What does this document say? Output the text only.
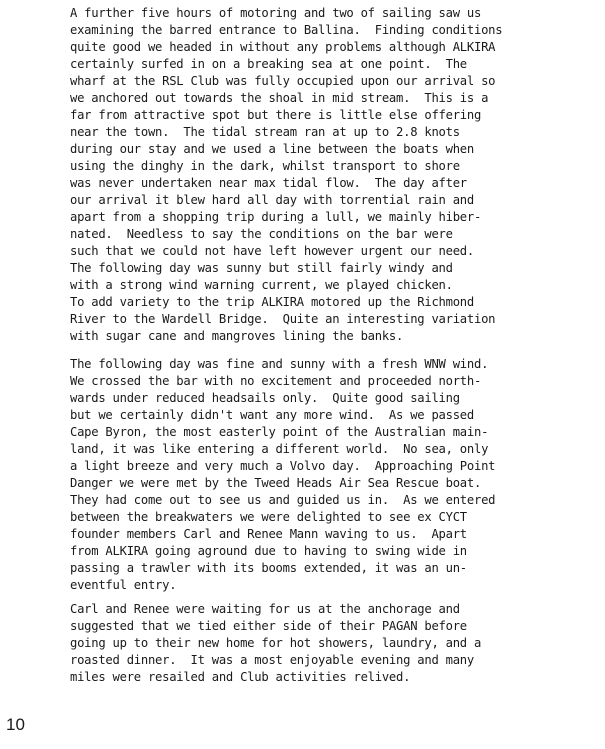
A further five hours of motoring and two of sailing saw us
examining the barred entrance to Ballina.  Finding conditions
quite good we headed in without any problems although ALKIRA
certainly surfed in on a breaking sea at one point.  The
wharf at the RSL Club was fully occupied upon our arrival so
we anchored out towards the shoal in mid stream.  This is a
far from attractive spot but there is little else offering
near the town.  The tidal stream ran at up to 2.8 knots
during our stay and we used a line between the boats when
using the dinghy in the dark, whilst transport to shore
was never undertaken near max tidal flow.  The day after
our arrival it blew hard all day with torrential rain and
apart from a shopping trip during a lull, we mainly hiber-
nated.  Needless to say the conditions on the bar were
such that we could not have left however urgent our need.
The following day was sunny but still fairly windy and
with a strong wind warning current, we played chicken.
To add variety to the trip ALKIRA motored up the Richmond
River to the Wardell Bridge.  Quite an interesting variation
with sugar cane and mangroves lining the banks.
The following day was fine and sunny with a fresh WNW wind.
We crossed the bar with no excitement and proceeded north-
wards under reduced headsails only.  Quite good sailing
but we certainly didn't want any more wind.  As we passed
Cape Byron, the most easterly point of the Australian main-
land, it was like entering a different world.  No sea, only
a light breeze and very much a Volvo day.  Approaching Point
Danger we were met by the Tweed Heads Air Sea Rescue boat.
They had come out to see us and guided us in.  As we entered
between the breakwaters we were delighted to see ex CYCT
founder members Carl and Renee Mann waving to us.  Apart
from ALKIRA going aground due to having to swing wide in
passing a trawler with its booms extended, it was an un-
eventful entry.
Carl and Renee were waiting for us at the anchorage and
suggested that we tied either side of their PAGAN before
going up to their new home for hot showers, laundry, and a
roasted dinner.  It was a most enjoyable evening and many
miles were resailed and Club activities relived.
10
